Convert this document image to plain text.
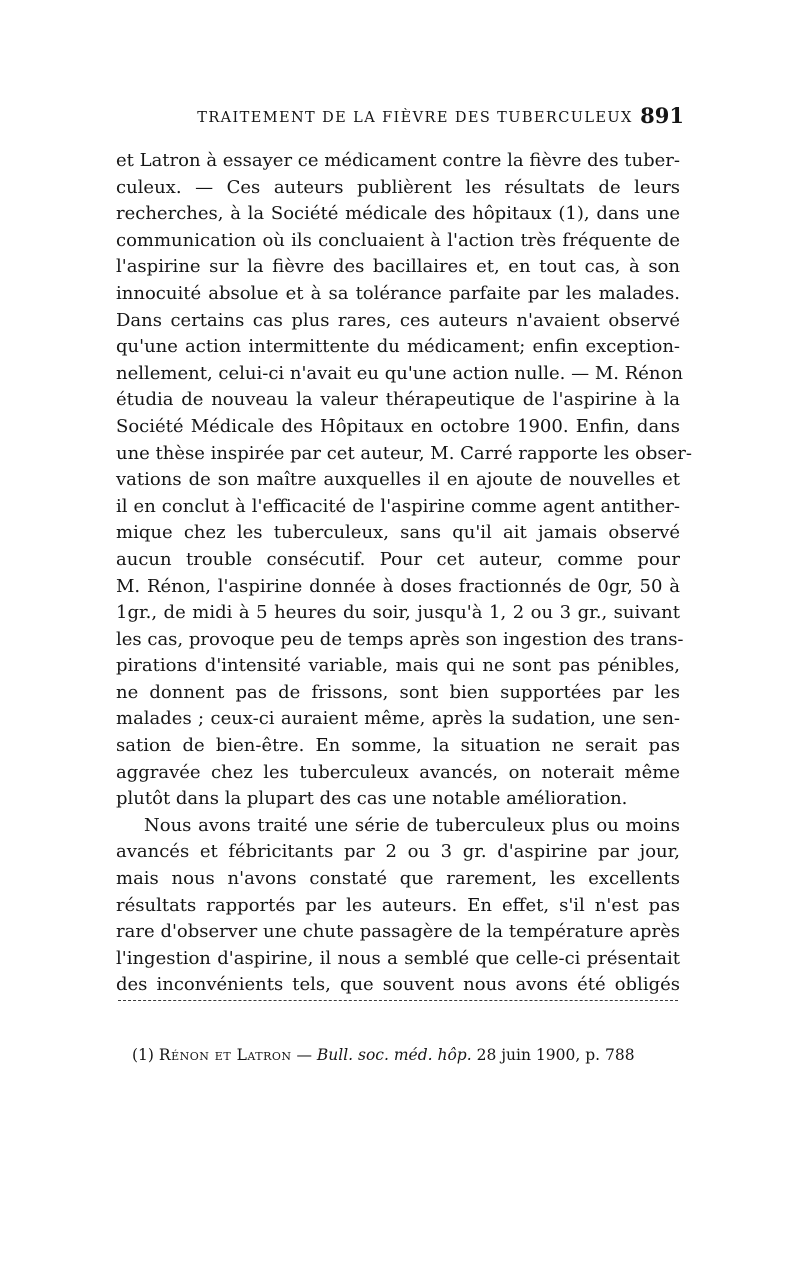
TRAITEMENT DE LA FIÈVRE DES TUBERCULEUX 891
et Latron à essayer ce médicament contre la fièvre des tuber-
culeux. — Ces auteurs publièrent les résultats de leurs
recherches, à la Société médicale des hôpitaux (1), dans une
communication où ils concluaient à l'action très fréquente de
l'aspirine sur la fièvre des bacillaires et, en tout cas, à son
innocuité absolue et à sa tolérance parfaite par les malades.
Dans certains cas plus rares, ces auteurs n'avaient observé
qu'une action intermittente du médicament; enfin exception-
nellement, celui-ci n'avait eu qu'une action nulle. — M. Rénon
étudia de nouveau la valeur thérapeutique de l'aspirine à la
Société Médicale des Hôpitaux en octobre 1900. Enfin, dans
une thèse inspirée par cet auteur, M. Carré rapporte les obser-
vations de son maître auxquelles il en ajoute de nouvelles et
il en conclut à l'efficacité de l'aspirine comme agent antither-
mique chez les tuberculeux, sans qu'il ait jamais observé
aucun trouble consécutif. Pour cet auteur, comme pour
M. Rénon, l'aspirine donnée à doses fractionnés de 0gr, 50 à
1gr., de midi à 5 heures du soir, jusqu'à 1, 2 ou 3 gr., suivant
les cas, provoque peu de temps après son ingestion des trans-
pirations d'intensité variable, mais qui ne sont pas pénibles,
ne donnent pas de frissons, sont bien supportées par les
malades ; ceux-ci auraient même, après la sudation, une sen-
sation de bien-être. En somme, la situation ne serait pas
aggravée chez les tuberculeux avancés, on noterait même
plutôt dans la plupart des cas une notable amélioration.
Nous avons traité une série de tuberculeux plus ou moins
avancés et fébricitants par 2 ou 3 gr. d'aspirine par jour,
mais nous n'avons constaté que rarement, les excellents
résultats rapportés par les auteurs. En effet, s'il n'est pas
rare d'observer une chute passagère de la température après
l'ingestion d'aspirine, il nous a semblé que celle-ci présentait
des inconvénients tels, que souvent nous avons été obligés
(1) Rénon et Latron — Bull. soc. méd. hôp. 28 juin 1900, p. 788
